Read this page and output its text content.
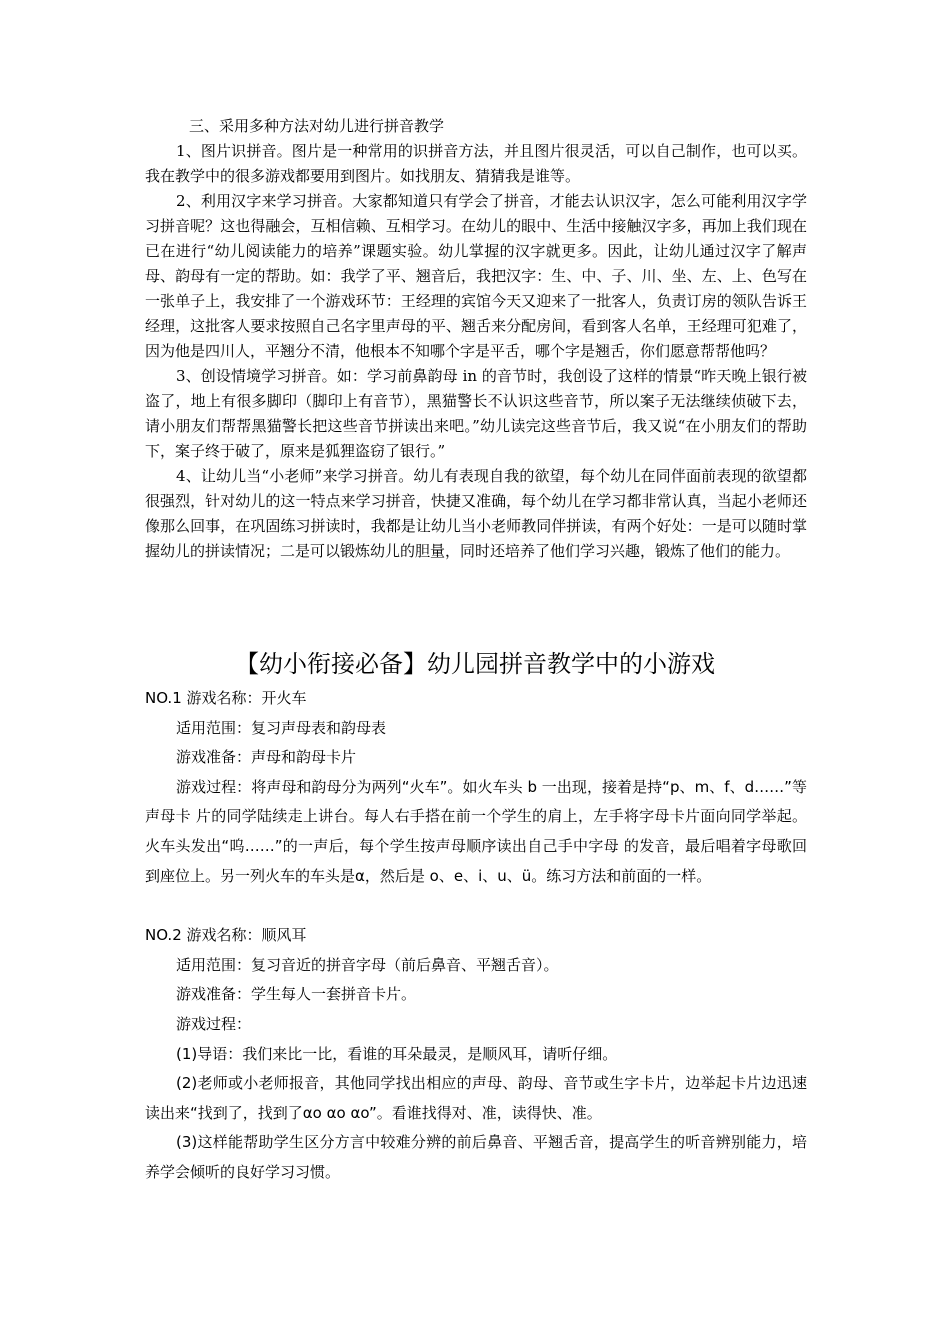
三、采用多种方法对幼儿进行拼音教学

1、图片识拼音。图片是一种常用的识拼音方法，并且图片很灵活，可以自己制作，也可以买。我在教学中的很多游戏都要用到图片。如找朋友、猜猜我是谁等。

2、利用汉字来学习拼音。大家都知道只有学会了拼音，才能去认识汉字，怎么可能利用汉字学习拼音呢？这也得融会，互相信赖、互相学习。在幼儿的眼中、生活中接触汉字多，再加上我们现在已在进行“幼儿阅读能力的培养”课题实验。幼儿掌握的汉字就更多。因此，让幼儿通过汉字了解声母、韵母有一定的帮助。如：我学了平、翘音后，我把汉字：生、中、子、川、坐、左、上、色写在一张单子上，我安排了一个游戏环节：王经理的宾馆今天又迎来了一批客人，负责订房的领队告诉王经理，这批客人要求按照自己名字里声母的平、翘舌来分配房间，看到客人名单，王经理可犯难了，因为他是四川人，平翘分不清，他根本不知哪个字是平舌，哪个字是翘舌，你们愿意帮帮他吗？

3、创设情境学习拼音。如：学习前鼻韵母 in 的音节时，我创设了这样的情景“昨天晚上银行被盗了，地上有很多脚印（脚印上有音节），黑猫警长不认识这些音节，所以案子无法继续侦破下去，请小朋友们帮帮黑猫警长把这些音节拼读出来吧。”幼儿读完这些音节后，我又说“在小朋友们的帮助下，案子终于破了，原来是狐狸盗窃了银行。”

4、让幼儿当“小老师”来学习拼音。幼儿有表现自我的欲望，每个幼儿在同伴面前表现的欲望都很强烈，针对幼儿的这一特点来学习拼音，快捷又准确，每个幼儿在学习都非常认真，当起小老师还像那么回事，在巩固练习拼读时，我都是让幼儿当小老师教同伴拼读，有两个好处：一是可以随时掌握幼儿的拼读情况；二是可以锻炼幼儿的胆量，同时还培养了他们学习兴趣，锻炼了他们的能力。

【幼小衔接必备】幼儿园拼音教学中的小游戏

NO.1 游戏名称：开火车

适用范围：复习声母表和韵母表

游戏准备：声母和韵母卡片

游戏过程：将声母和韵母分为两列“火车”。如火车头 b 一出现，接着是持“p、m、f、d……”等声母卡 片的同学陆续走上讲台。每人右手搭在前一个学生的肩上，左手将字母卡片面向同学举起。火车头发出“呜……”的一声后，每个学生按声母顺序读出自己手中字母 的发音，最后唱着字母歌回到座位上。另一列火车的车头是α，然后是 o、e、i、u、ü。练习方法和前面的一样。

NO.2 游戏名称：顺风耳

适用范围：复习音近的拼音字母（前后鼻音、平翘舌音）。

游戏准备：学生每人一套拼音卡片。

游戏过程：

(1)导语：我们来比一比，看谁的耳朵最灵，是顺风耳，请听仔细。

(2)老师或小老师报音，其他同学找出相应的声母、韵母、音节或生字卡片，边举起卡片边迅速读出来“找到了，找到了αo αo αo”。看谁找得对、准，读得快、准。

(3)这样能帮助学生区分方言中较难分辨的前后鼻音、平翘舌音，提高学生的听音辨别能力，培养学会倾听的良好学习习惯。
